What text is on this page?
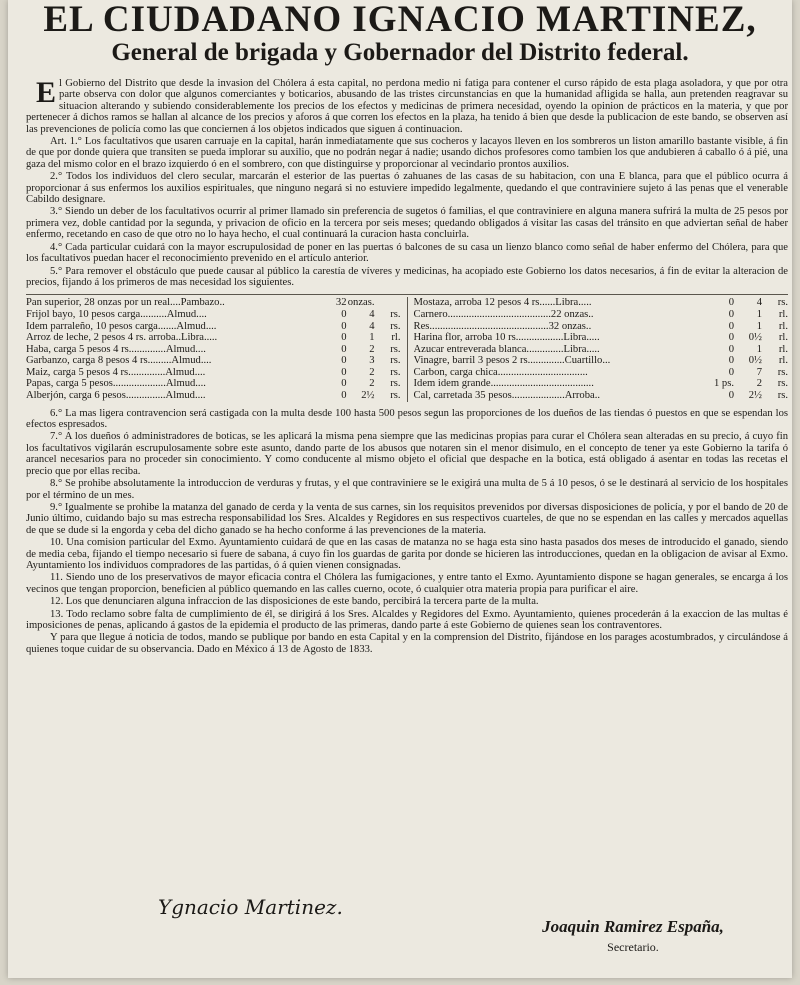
EL CIUDADANO IGNACIO MARTINEZ,
General de brigada y Gobernador del Distrito federal.

El Gobierno del Distrito que desde la invasion del Chólera á esta capital, no perdona medio ni fatiga para contener el curso rápido de esta plaga asoladora, y que por otra parte observa con dolor que algunos comerciantes y boticarios, abusando de las tristes circunstancias en que la humanidad afligida se halla, aun pretenden reagravar su situacion alterando y subiendo considerablemente los precios de los efectos y medicinas de primera necesidad, oyendo la opinion de prácticos en la materia, y que por pertenecer á dichos ramos se hallan al alcance de los precios y aforos á que corren los efectos en la plaza, ha tenido á bien que desde la publicacion de este bando, se observen así las prevenciones de policía como las que conciernen á los objetos indicados que siguen á continuacion.

Art. 1.° Los facultativos que usaren carruaje en la capital, harán inmediatamente que sus cocheros y lacayos lleven en los sombreros un liston amarillo bastante visible, á fin de que por donde quiera que transiten se pueda implorar su auxilio, que no podrán negar á nadie; usando dichos profesores como tambien los que andubieren á caballo ó á pié, una gaza del mismo color en el brazo izquierdo ó en el sombrero, con que distinguirse y proporcionar al vecindario prontos auxilios.

2.° Todos los individuos del clero secular, marcarán el esterior de las puertas ó zahuanes de las casas de su habitacion, con una E blanca, para que el público ocurra á proporcionar á sus enfermos los auxilios espirituales, que ninguno negará si no estuviere impedido legalmente, quedando el que contraviniere sujeto á las penas que el venerable Cabildo designare.

3.° Siendo un deber de los facultativos ocurrir al primer llamado sin preferencia de sugetos ó familias, el que contraviniere en alguna manera sufrirá la multa de 25 pesos por primera vez, doble cantidad por la segunda, y privacion de oficio en la tercera por seis meses; quedando obligados á visitar las casas del tránsito en que adviertan señal de haber enfermo, recetando en caso de que otro no lo haya hecho, el cual continuará la curacion hasta concluirla.

4.° Cada particular cuidará con la mayor escrupulosidad de poner en las puertas ó balcones de su casa un lienzo blanco como señal de haber enfermo del Chólera, para que los facultativos puedan hacer el reconocimiento prevenido en el artículo anterior.

5.° Para remover el obstáculo que puede causar al público la carestía de víveres y medicinas, ha acopiado este Gobierno los datos necesarios, á fin de evitar la alteracion de precios, fijando á los primeros de mas necesidad los siguientes.

Pan superior, 28 onzas por un real....Pambazo..	32 onzas.
Frijol bayo, 10 pesos carga..........Almud....	0	4	rs.
Idem parraleño, 10 pesos carga.......Almud....	0	4	rs.
Arroz de leche, 2 pesos 4 rs. arroba..Libra.....	0	1	rl.
Haba, carga 5 pesos 4 rs..............Almud....	0	2	rs.
Garbanzo, carga 8 pesos 4 rs.........Almud....	0	3	rs.
Maiz, carga 5 pesos 4 rs..............Almud....	0	2	rs.
Papas, carga 5 pesos....................Almud....	0	2	rs.
Alberjón, carga 6 pesos...............Almud....	0	2½	rs.
Mostaza, arroba 12 pesos 4 rs......Libra.....	0	4	rs.
Carnero.......................................22 onzas..	0	1	rl.
Res.............................................32 onzas..	0	1	rl.
Harina flor, arroba 10 rs..................Libra.....	0	0½	rl.
Azucar entreverada blanca..............Libra.....	0	1	rl.
Vinagre, barril 3 pesos 2 rs..............Cuartillo...	0	0½	rl.
Carbon, carga chica..................................	0	7	rs.
Idem idem grande.......................................	1 ps.	2	rs.
Cal, carretada 35 pesos....................Arroba..	0	2½	rs.

6.° La mas ligera contravencion será castigada con la multa desde 100 hasta 500 pesos segun las proporciones de los dueños de las tiendas ó puestos en que se espendan los efectos espresados.

7.° A los dueños ó administradores de boticas, se les aplicará la misma pena siempre que las medicinas propias para curar el Chólera sean alteradas en su precio, á cuyo fin los facultativos vigilarán escrupulosamente sobre este asunto, dando parte de los abusos que notaren sin el menor disimulo, en el concepto de tener ya este Gobierno la tarifa ó arancel necesarios para no proceder sin conocimiento. Y como conducente al mismo objeto el oficial que despache en la botica, está obligado á asentar en todas las recetas el precio que por ellas reciba.

8.° Se prohibe absolutamente la introduccion de verduras y frutas, y el que contraviniere se le exigirá una multa de 5 á 10 pesos, ó se le destinará al servicio de los hospitales por el término de un mes.

9.° Igualmente se prohibe la matanza del ganado de cerda y la venta de sus carnes, sin los requisitos prevenidos por diversas disposiciones de policía, y por el bando de 20 de Junio último, cuidando bajo su mas estrecha responsabilidad los Sres. Alcaldes y Regidores en sus respectivos cuarteles, de que no se espendan en las calles y mercados aquellas de que se dude si la engorda y ceba del dicho ganado se ha hecho conforme á las prevenciones de la materia.

10. Una comision particular del Exmo. Ayuntamiento cuidará de que en las casas de matanza no se haga esta sino hasta pasados dos meses de introducido el ganado, siendo de media ceba, fijando el tiempo necesario si fuere de sabana, á cuyo fin los guardas de garita por donde se hicieren las introducciones, quedan en la obligacion de avisar al Exmo. Ayuntamiento los individuos compradores de las partidas, ó á quien vienen consignadas.

11. Siendo uno de los preservativos de mayor eficacia contra el Chólera las fumigaciones, y entre tanto el Exmo. Ayuntamiento dispone se hagan generales, se encarga á los vecinos que tengan proporcion, beneficien al público quemando en las calles cuerno, ocote, ó cualquier otra materia propia para purificar el aire.

12. Los que denunciaren alguna infraccion de las disposiciones de este bando, percibirá la tercera parte de la multa.

13. Todo reclamo sobre falta de cumplimiento de él, se dirigirá á los Sres. Alcaldes y Regidores del Exmo. Ayuntamiento, quienes procederán á la exaccion de las multas é imposiciones de penas, aplicando á gastos de la epidemia el producto de las primeras, dando parte á este Gobierno de quienes sean los contraventores.

Y para que llegue á noticia de todos, mando se publique por bando en esta Capital y en la comprension del Distrito, fijándose en los parages acostumbrados, y circulándose á quienes toque cuidar de su observancia. Dado en México á 13 de Agosto de 1833.

Ygnacio Martinez.
Joaquin Ramirez España,
Secretario.
